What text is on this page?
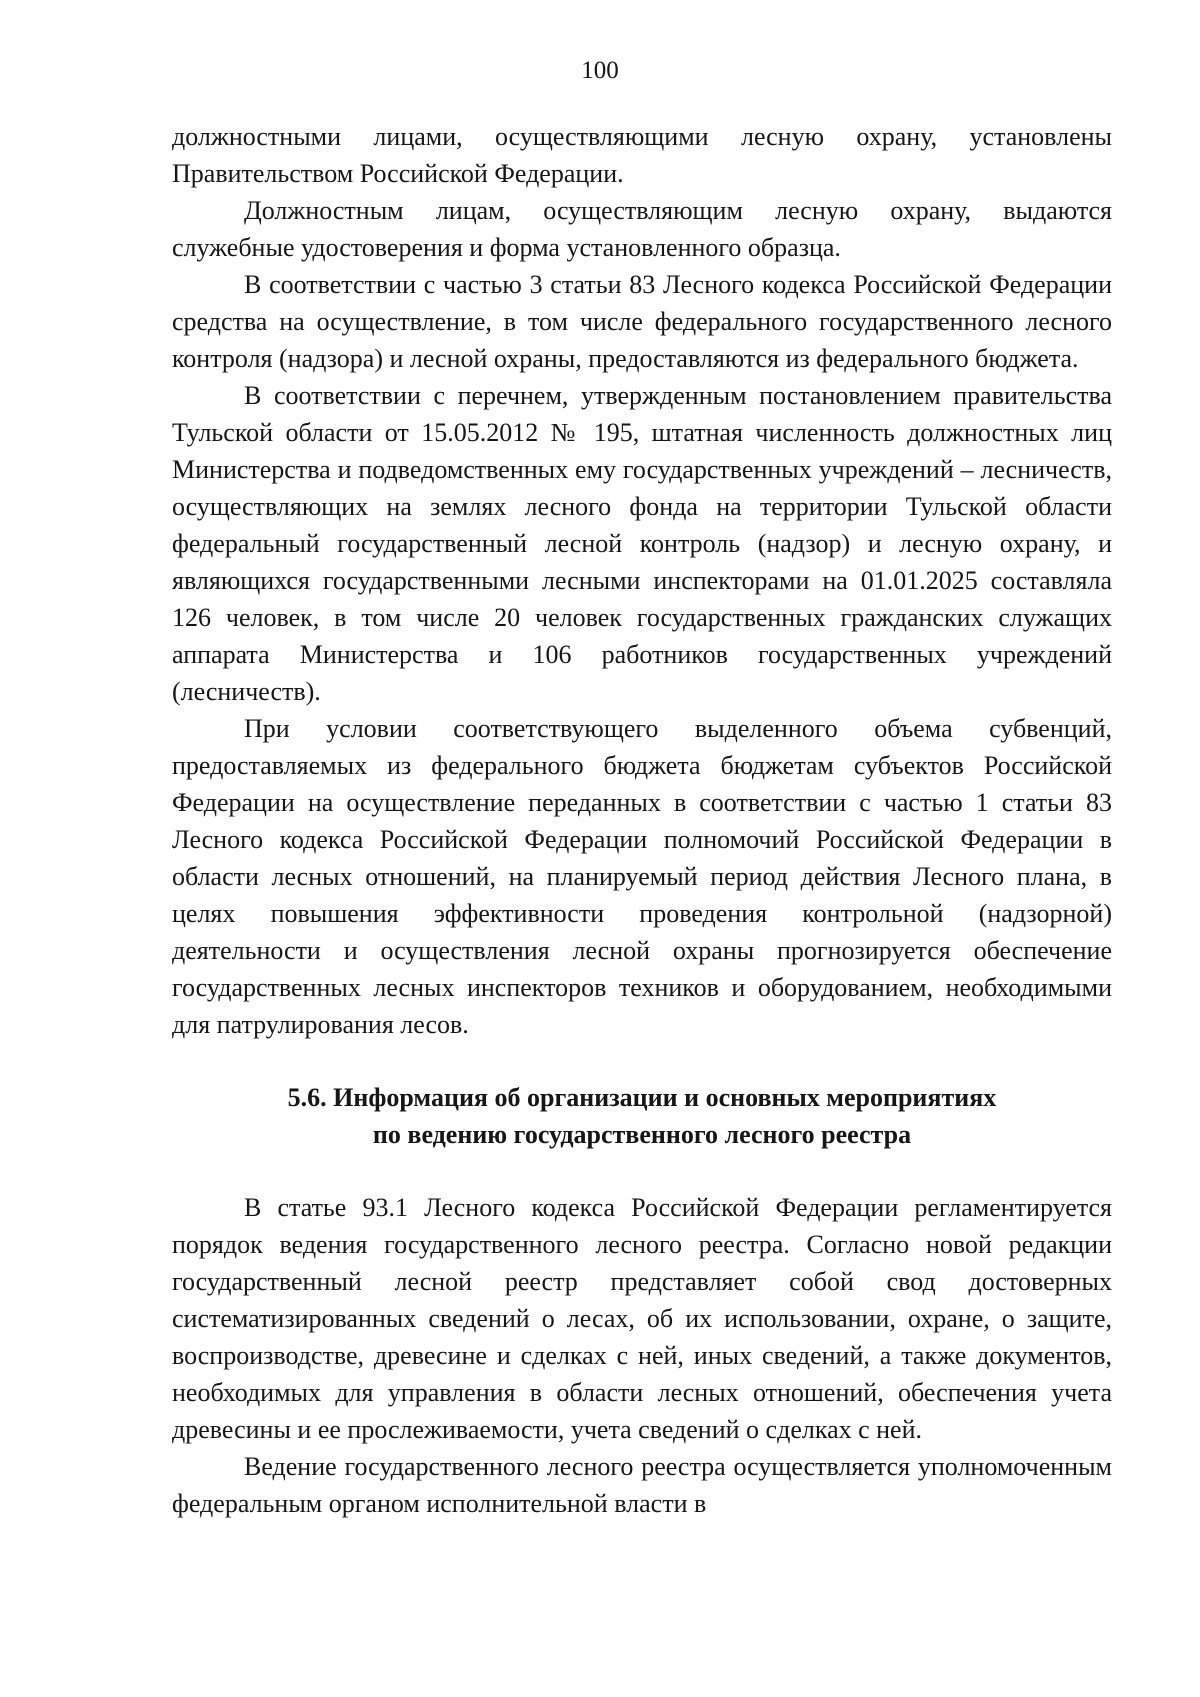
100

должностными лицами, осуществляющими лесную охрану, установлены Правительством Российской Федерации.

Должностным лицам, осуществляющим лесную охрану, выдаются служебные удостоверения и форма установленного образца.

В соответствии с частью 3 статьи 83 Лесного кодекса Российской Федерации средства на осуществление, в том числе федерального государственного лесного контроля (надзора) и лесной охраны, предоставляются из федерального бюджета.

В соответствии с перечнем, утвержденным постановлением правительства Тульской области от 15.05.2012 № 195, штатная численность должностных лиц Министерства и подведомственных ему государственных учреждений – лесничеств, осуществляющих на землях лесного фонда на территории Тульской области федеральный государственный лесной контроль (надзор) и лесную охрану, и являющихся государственными лесными инспекторами на 01.01.2025 составляла 126 человек, в том числе 20 человек государственных гражданских служащих аппарата Министерства и 106 работников государственных учреждений (лесничеств).

При условии соответствующего выделенного объема субвенций, предоставляемых из федерального бюджета бюджетам субъектов Российской Федерации на осуществление переданных в соответствии с частью 1 статьи 83 Лесного кодекса Российской Федерации полномочий Российской Федерации в области лесных отношений, на планируемый период действия Лесного плана, в целях повышения эффективности проведения контрольной (надзорной) деятельности и осуществления лесной охраны прогнозируется обеспечение государственных лесных инспекторов техников и оборудованием, необходимыми для патрулирования лесов.

5.6. Информация об организации и основных мероприятиях
по ведению государственного лесного реестра

В статье 93.1 Лесного кодекса Российской Федерации регламентируется порядок ведения государственного лесного реестра. Согласно новой редакции государственный лесной реестр представляет собой свод достоверных систематизированных сведений о лесах, об их использовании, охране, о защите, воспроизводстве, древесине и сделках с ней, иных сведений, а также документов, необходимых для управления в области лесных отношений, обеспечения учета древесины и ее прослеживаемости, учета сведений о сделках с ней.

Ведение государственного лесного реестра осуществляется уполномоченным федеральным органом исполнительной власти в
